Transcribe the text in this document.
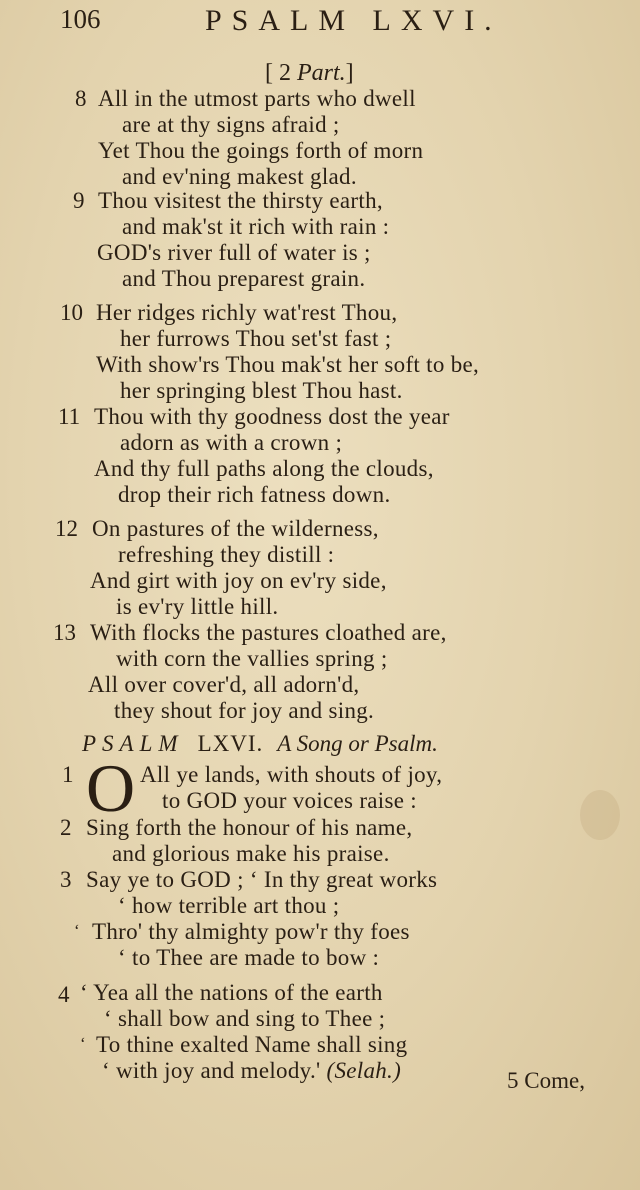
106	PSALM LXVI.
[ 2 Part.]
8 All in the utmost parts who dwell
are at thy signs afraid ;
Yet Thou the goings forth of morn
and ev'ning makest glad.
9 Thou visitest the thirsty earth,
and mak'st it rich with rain :
GOD's river full of water is ;
and Thou preparest grain.
10 Her ridges richly wat'rest Thou,
her furrows Thou set'st fast ;
With show'rs Thou mak'st her soft to be,
her springing blest Thou hast.
11 Thou with thy goodness dost the year
adorn as with a crown ;
And thy full paths along the clouds,
drop their rich fatness down.
12 On pastures of the wilderness,
refreshing they distill :
And girt with joy on ev'ry side,
is ev'ry little hill.
13 With flocks the pastures cloathed are,
with corn the vallies spring ;
All over cover'd, all adorn'd,
they shout for joy and sing.
PSALM LXVI. A Song or Psalm.
1 O All ye lands, with shouts of joy,
to GOD your voices raise :
2 Sing forth the honour of his name,
and glorious make his praise.
3 Say ye to GOD ; ‘ In thy great works
‘ how terrible art thou ;
‘ Thro' thy almighty pow'r thy foes
‘ to Thee are made to bow :
4 ‘ Yea all the nations of the earth
‘ shall bow and sing to Thee ;
‘ To thine exalted Name shall sing
‘ with joy and melody.' (Selah.)	5 Come,
